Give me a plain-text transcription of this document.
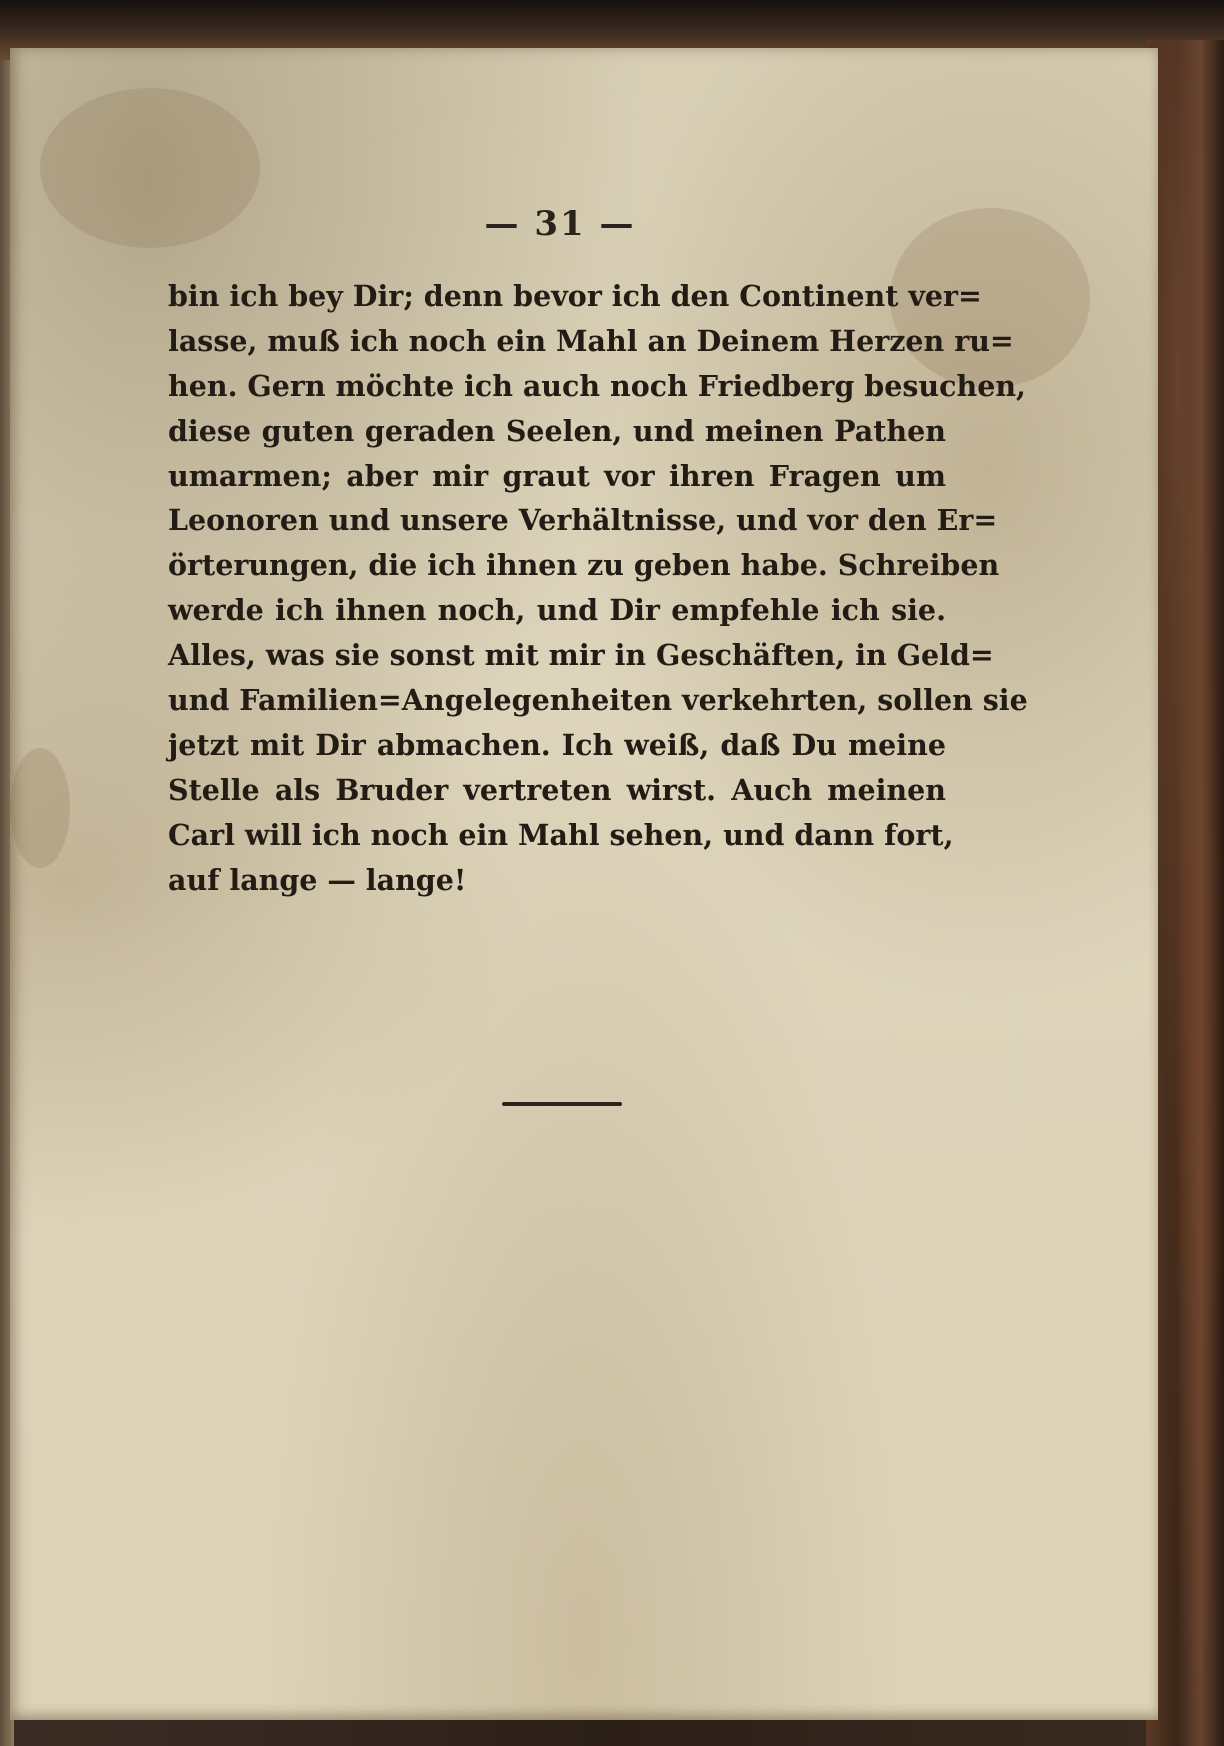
— 31 —
bin ich bey Dir; denn bevor ich den Continent ver=
lasse, muß ich noch ein Mahl an Deinem Herzen ru=
hen. Gern möchte ich auch noch Friedberg besuchen,
diese guten geraden Seelen, und meinen Pathen
umarmen; aber mir graut vor ihren Fragen um
Leonoren und unsere Verhältnisse, und vor den Er=
örterungen, die ich ihnen zu geben habe. Schreiben
werde ich ihnen noch, und Dir empfehle ich sie.
Alles, was sie sonst mit mir in Geschäften, in Geld=
und Familien=Angelegenheiten verkehrten, sollen sie
jetzt mit Dir abmachen. Ich weiß, daß Du meine
Stelle als Bruder vertreten wirst. Auch meinen
Carl will ich noch ein Mahl sehen, und dann fort,
auf lange — lange!
